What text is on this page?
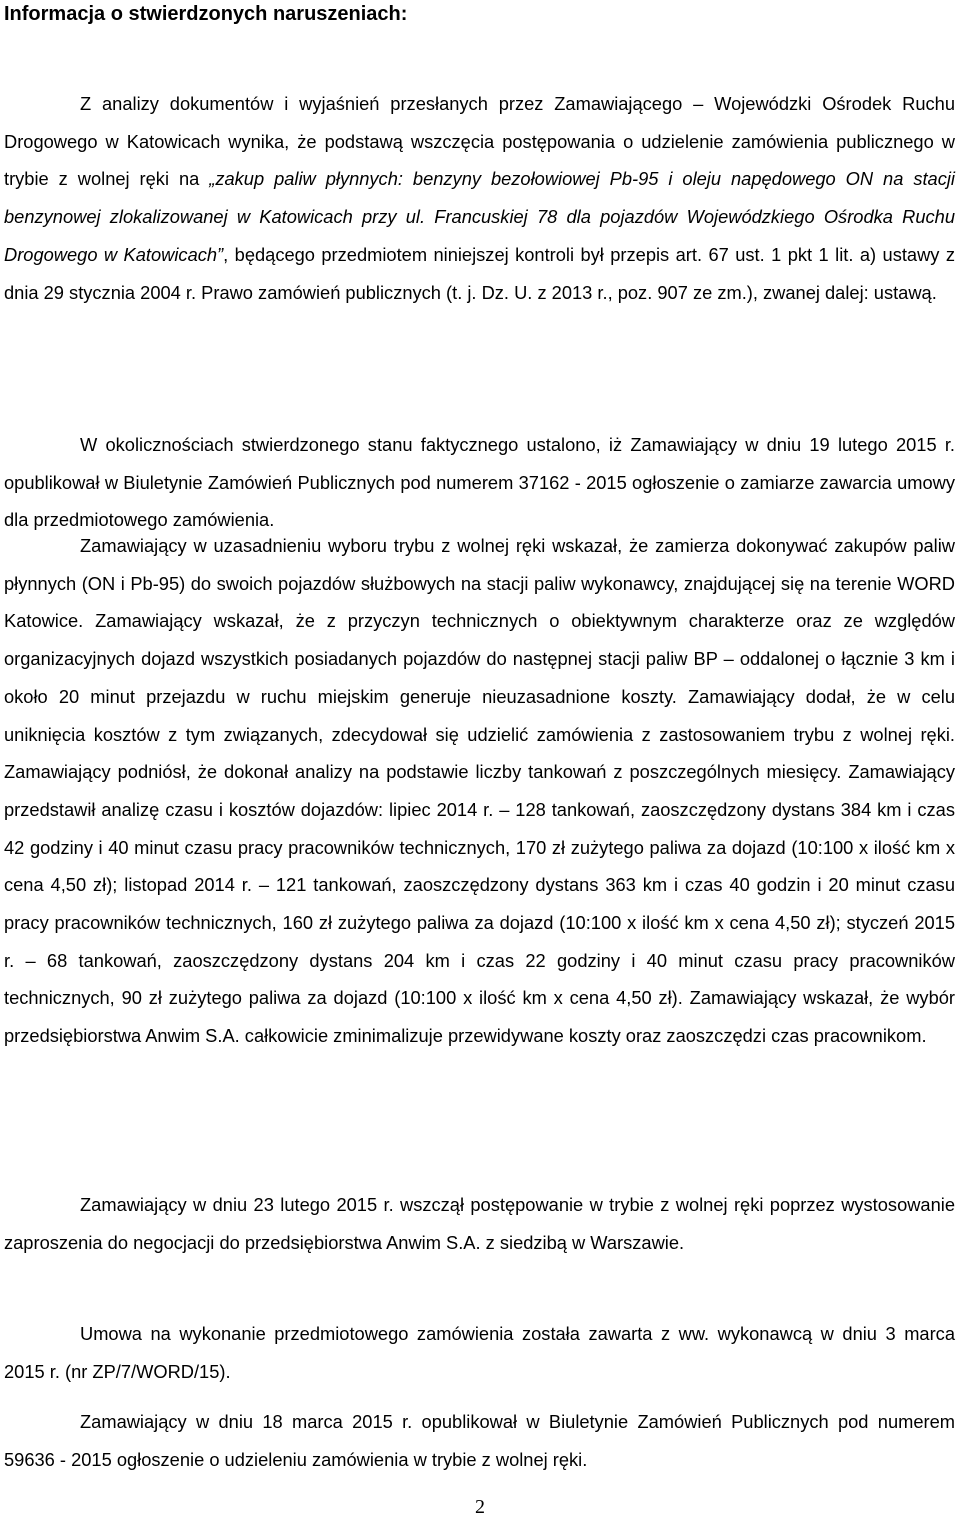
Informacja o stwierdzonych naruszeniach:

Z analizy dokumentów i wyjaśnień przesłanych przez Zamawiającego – Wojewódzki Ośrodek Ruchu Drogowego w Katowicach wynika, że podstawą wszczęcia postępowania o udzielenie zamówienia publicznego w trybie z wolnej ręki na „zakup paliw płynnych: benzyny bezołowiowej Pb-95 i oleju napędowego ON na stacji benzynowej zlokalizowanej w Katowicach przy ul. Francuskiej 78 dla pojazdów Wojewódzkiego Ośrodka Ruchu Drogowego w Katowicach”, będącego przedmiotem niniejszej kontroli był przepis art. 67 ust. 1 pkt 1 lit. a) ustawy z dnia 29 stycznia 2004 r. Prawo zamówień publicznych (t. j. Dz. U. z 2013 r., poz. 907 ze zm.), zwanej dalej: ustawą.

W okolicznościach stwierdzonego stanu faktycznego ustalono, iż Zamawiający w dniu 19 lutego 2015 r. opublikował w Biuletynie Zamówień Publicznych pod numerem 37162 - 2015 ogłoszenie o zamiarze zawarcia umowy dla przedmiotowego zamówienia.

Zamawiający w uzasadnieniu wyboru trybu z wolnej ręki wskazał, że zamierza dokonywać zakupów paliw płynnych (ON i Pb-95) do swoich pojazdów służbowych na stacji paliw wykonawcy, znajdującej się na terenie WORD Katowice. Zamawiający wskazał, że z przyczyn technicznych o obiektywnym charakterze oraz ze względów organizacyjnych dojazd wszystkich posiadanych pojazdów do następnej stacji paliw BP – oddalonej o łącznie 3 km i około 20 minut przejazdu w ruchu miejskim generuje nieuzasadnione koszty. Zamawiający dodał, że w celu uniknięcia kosztów z tym związanych, zdecydował się udzielić zamówienia z zastosowaniem trybu z wolnej ręki. Zamawiający podniósł, że dokonał analizy na podstawie liczby tankowań z poszczególnych miesięcy. Zamawiający przedstawił analizę czasu i kosztów dojazdów: lipiec 2014 r. – 128 tankowań, zaoszczędzony dystans 384 km i czas 42 godziny i 40 minut czasu pracy pracowników technicznych, 170 zł zużytego paliwa za dojazd (10:100 x ilość km x cena 4,50 zł); listopad 2014 r. – 121 tankowań, zaoszczędzony dystans 363 km i czas 40 godzin i 20 minut czasu pracy pracowników technicznych, 160 zł zużytego paliwa za dojazd (10:100 x ilość km x cena 4,50 zł); styczeń 2015 r. – 68 tankowań, zaoszczędzony dystans 204 km i czas 22 godziny i 40 minut czasu pracy pracowników technicznych, 90 zł zużytego paliwa za dojazd (10:100 x ilość km x cena 4,50 zł). Zamawiający wskazał, że wybór przedsiębiorstwa Anwim S.A. całkowicie zminimalizuje przewidywane koszty oraz zaoszczędzi czas pracownikom.

Zamawiający w dniu 23 lutego 2015 r. wszczął postępowanie w trybie z wolnej ręki poprzez wystosowanie zaproszenia do negocjacji do przedsiębiorstwa Anwim S.A. z siedzibą w Warszawie.

Umowa na wykonanie przedmiotowego zamówienia została zawarta z ww. wykonawcą w dniu 3 marca 2015 r. (nr ZP/7/WORD/15).

Zamawiający w dniu 18 marca 2015 r. opublikował w Biuletynie Zamówień Publicznych pod numerem 59636 - 2015 ogłoszenie o udzieleniu zamówienia w trybie z wolnej ręki.

2
